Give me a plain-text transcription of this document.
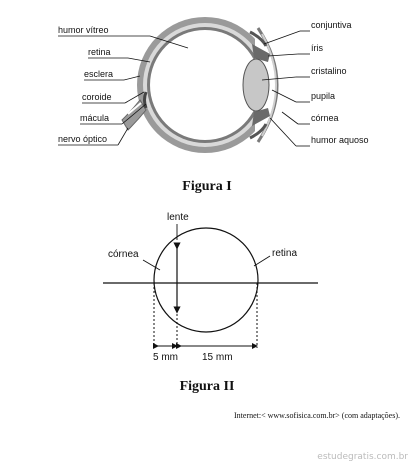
humor vítreo
retina
esclera
coroide
mácula
nervo óptico
conjuntiva
íris
cristalino
pupila
córnea
humor aquoso
Figura I
lente
córnea	retina
5 mm 15 mm
Figura II
Internet:< www.sofisica.com.br> (com adaptações).
estudegratis.com.br
